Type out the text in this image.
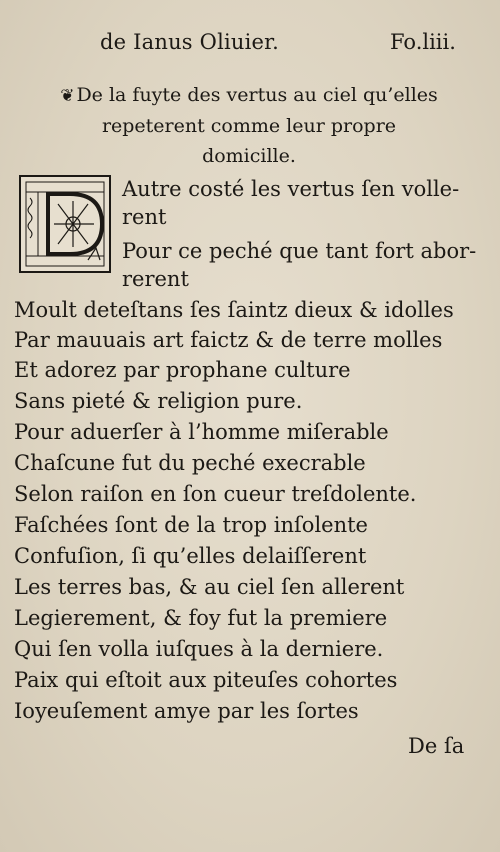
de Ianus Oliuier.	Fo.liii.
❦ De la fuyte des vertus au ciel qu’elles
repeterent comme leur propre
domicille.
Autre costé les vertus ſen volle-
rent
Pour ce peché que tant fort abor-
rerent
Moult deteſtans ſes ſaintz dieux & idolles
Par mauuais art faictz & de terre molles
Et adorez par prophane culture
Sans pieté & religion pure.
Pour aduerſer à l’homme miſerable
Chaſcune fut du peché execrable
Selon raiſon en ſon cueur treſdolente.
Faſchées ſont de la trop inſolente
Confuſion, ſi qu’elles delaiſſerent
Les terres bas, & au ciel ſen allerent
Legierement, & foy fut la premiere
Qui ſen volla iuſques à la derniere.
Paix qui eſtoit aux piteuſes cohortes
Ioyeuſement amye par les ſortes
De ſa
